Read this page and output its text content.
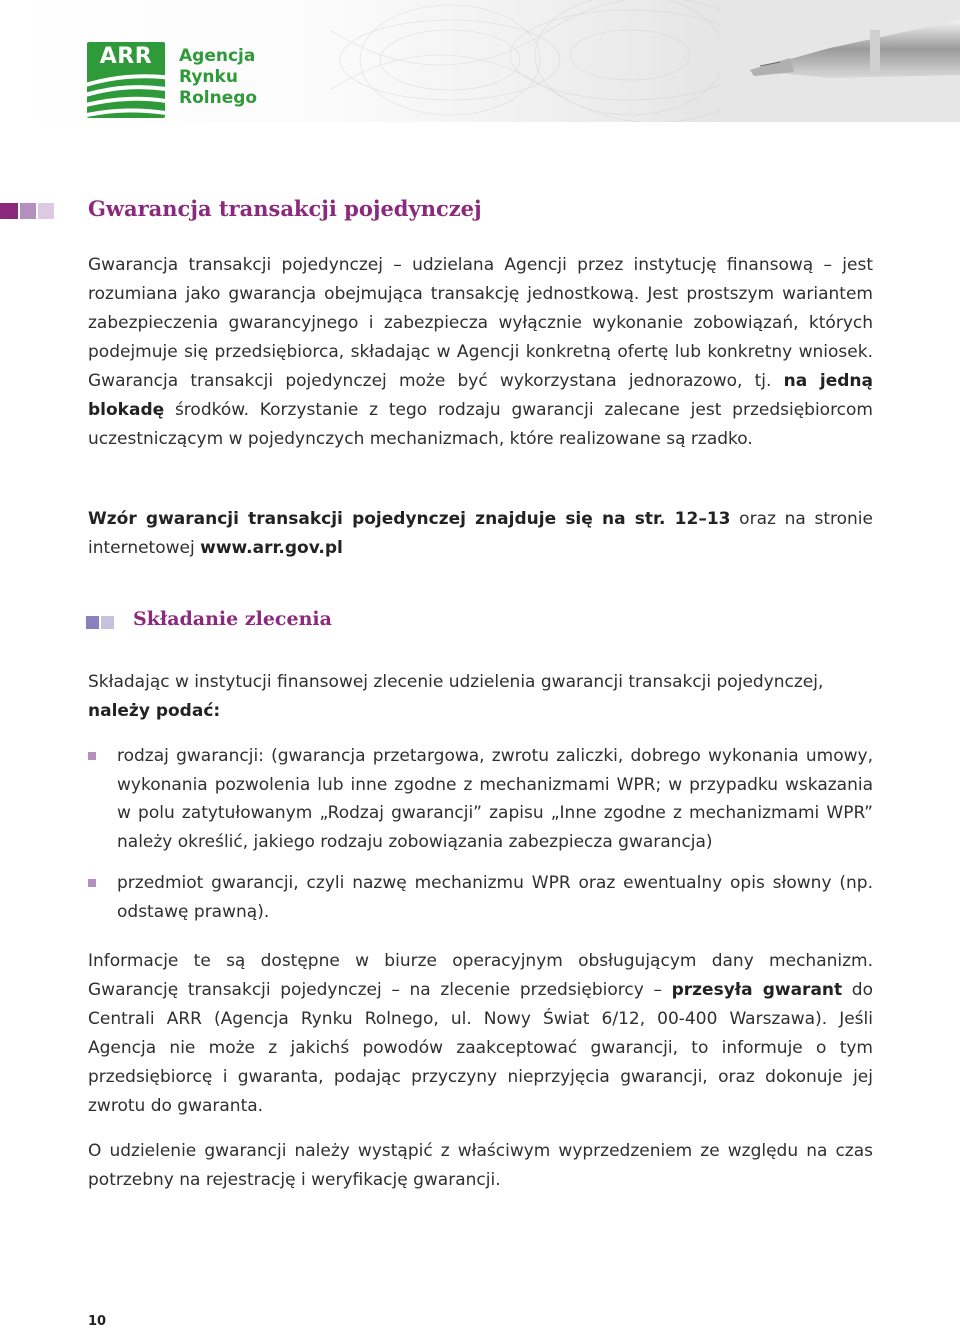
ARR	Agencja
Rynku
Rolnego
Gwarancja transakcji pojedynczej

Gwarancja transakcji pojedynczej – udzielana Agencji przez instytucję finansową – jest rozumiana jako gwarancja obejmująca transakcję jednostkową. Jest prostszym wariantem zabezpieczenia gwarancyjnego i zabezpiecza wyłącznie wykonanie zobowiązań, których podejmuje się przedsiębiorca, składając w Agencji konkretną ofertę lub konkretny wniosek. Gwarancja transakcji pojedynczej może być wykorzystana jednorazowo, tj. na jedną blokadę środków. Korzystanie z tego rodzaju gwarancji zalecane jest przedsiębiorcom uczestniczącym w pojedynczych mechanizmach, które realizowane są rzadko.

Wzór gwarancji transakcji pojedynczej znajduje się na str. 12–13 oraz na stronie internetowej www.arr.gov.pl

Składanie zlecenia

Składając w instytucji finansowej zlecenie udzielenia gwarancji transakcji pojedynczej,
należy podać:

rodzaj gwarancji: (gwarancja przetargowa, zwrotu zaliczki, dobrego wykonania umowy, wykonania pozwolenia lub inne zgodne z mechanizmami WPR; w przypadku wskazania w polu zatytułowanym „Rodzaj gwarancji” zapisu „Inne zgodne z mechanizmami WPR” należy określić, jakiego rodzaju zobowiązania zabezpiecza gwarancja)
przedmiot gwarancji, czyli nazwę mechanizmu WPR oraz ewentualny opis słowny (np. odstawę prawną).

Informacje te są dostępne w biurze operacyjnym obsługującym dany mechanizm. Gwarancję transakcji pojedynczej – na zlecenie przedsiębiorcy – przesyła gwarant do Centrali ARR (Agencja Rynku Rolnego, ul. Nowy Świat 6/12, 00-400 Warszawa). Jeśli Agencja nie może z jakichś powodów zaakceptować gwarancji, to informuje o tym przedsiębiorcę i gwaranta, podając przyczyny nieprzyjęcia gwarancji, oraz dokonuje jej zwrotu do gwaranta.

O udzielenie gwarancji należy wystąpić z właściwym wyprzedzeniem ze względu na czas potrzebny na rejestrację i weryfikację gwarancji.

10
